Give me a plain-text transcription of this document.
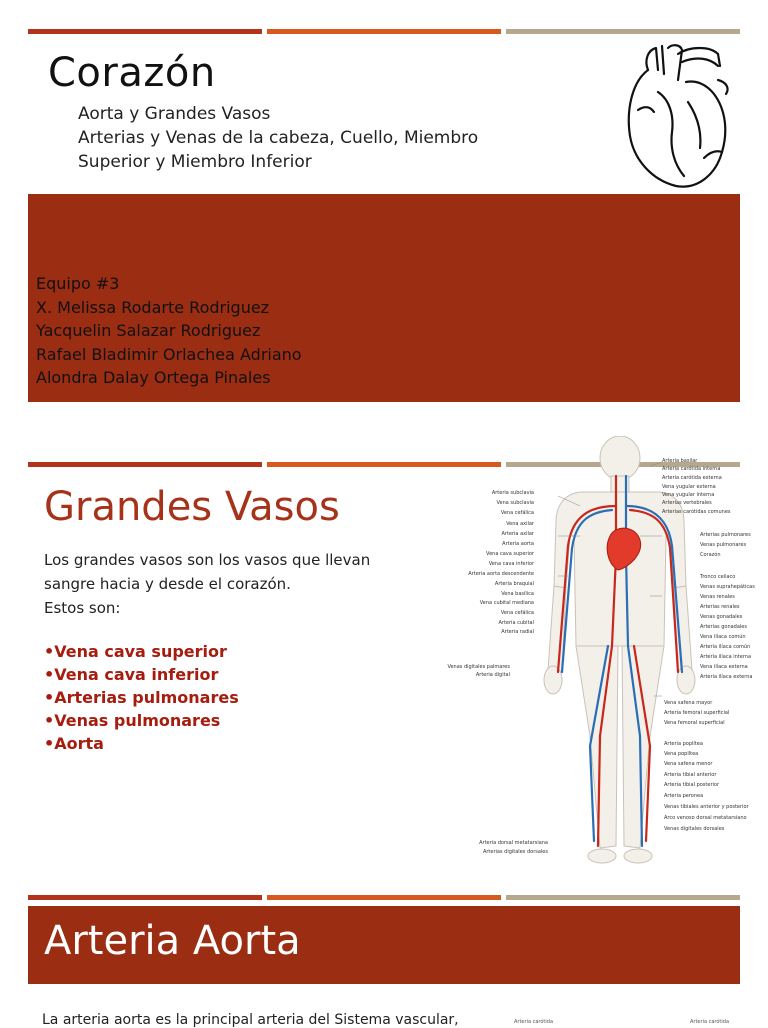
Corazón
Aorta y Grandes Vasos
Arterias y Venas de la cabeza, Cuello, Miembro
Superior y Miembro Inferior
Equipo #3
X. Melissa Rodarte Rodriguez
Yacquelin Salazar Rodriguez
Rafael Bladimir Orlachea Adriano
Alondra Dalay Ortega Pinales
Grandes Vasos
Los grandes vasos son los vasos que llevan
sangre hacia y desde el corazón.
Estos son:
•Vena cava superior
•Vena cava inferior
•Arterias pulmonares
•Venas pulmonares
•Aorta
Arteria subclavia
Vena subclavia
Vena cefálica
Vena axilar
Arteria axilar
Arteria aorta
Vena cava superior
Vena cava inferior
Arteria aorta descendente
Arteria braquial
Vena basílica
Vena cubital mediana
Vena cefálica
Arteria cubital
Arteria radial
Venas digitales palmares
Arteria digital
Arteria dorsal metatarsiana
Arterias digitales dorsales
Arteria basilar
Arteria carótida interna
Arteria carótida externa
Vena yugular externa
Vena yugular interna
Arterias vertebrales
Arterias carótidas comunes
Arterias pulmonares
Venas pulmonares
Corazón
Tronco celiaco
Venas suprahepáticas
Venas renales
Arterias renales
Venas gonadales
Arterias gonadales
Vena ilíaca común
Arteria ilíaca común
Arteria ilíaca interna
Vena ilíaca externa
Arteria ilíaca externa
Vena safena mayor
Arteria femoral superficial
Vena femoral superficial
Arteria poplítea
Vena poplítea
Vena safena menor
Arteria tibial anterior
Arteria tibial posterior
Arteria peronea
Venas tibiales anterior y posterior
Arco venoso dorsal metatarsiano
Venas digitales dorsales
Arteria Aorta
La arteria aorta es la principal arteria del Sistema vascular,	Arteria carótida	Arteria carótida
